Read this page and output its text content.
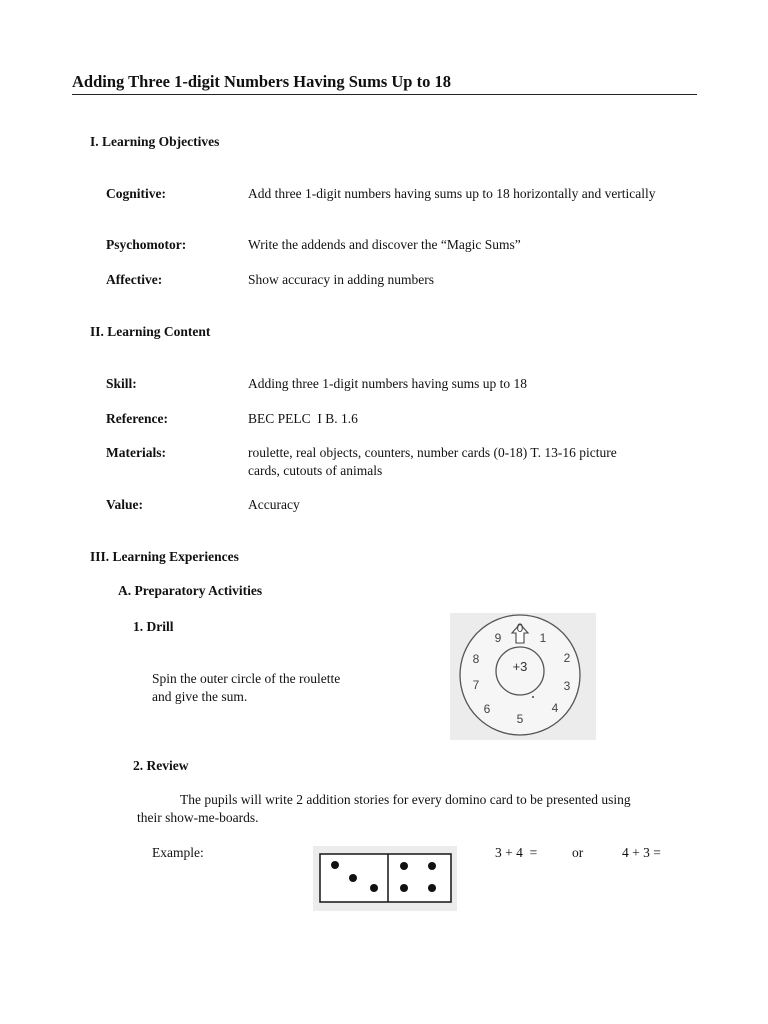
Adding Three 1-digit Numbers Having Sums Up to 18
I. Learning Objectives
Cognitive:	Add three 1-digit numbers having sums up to 18 horizontally and vertically
Psychomotor:	Write the addends and discover the “Magic Sums”
Affective:	Show accuracy in adding numbers
II. Learning Content
Skill:	Adding three 1-digit numbers having sums up to 18
Reference:	BEC PELC  I B. 1.6
Materials:	roulette, real objects, counters, number cards (0-18) T. 13-16 picture cards, cutouts of animals
Value:	Accuracy
III. Learning Experiences
A. Preparatory Activities
1. Drill
Spin the outer circle of the roulette
and give the sum.
+3
0
1
2
3
4
5
6
7
8
9
2. Review
The pupils will write 2 addition stories for every domino card to be presented using
their show-me-boards.
Example:	3 + 4  =	or	4 + 3 =
